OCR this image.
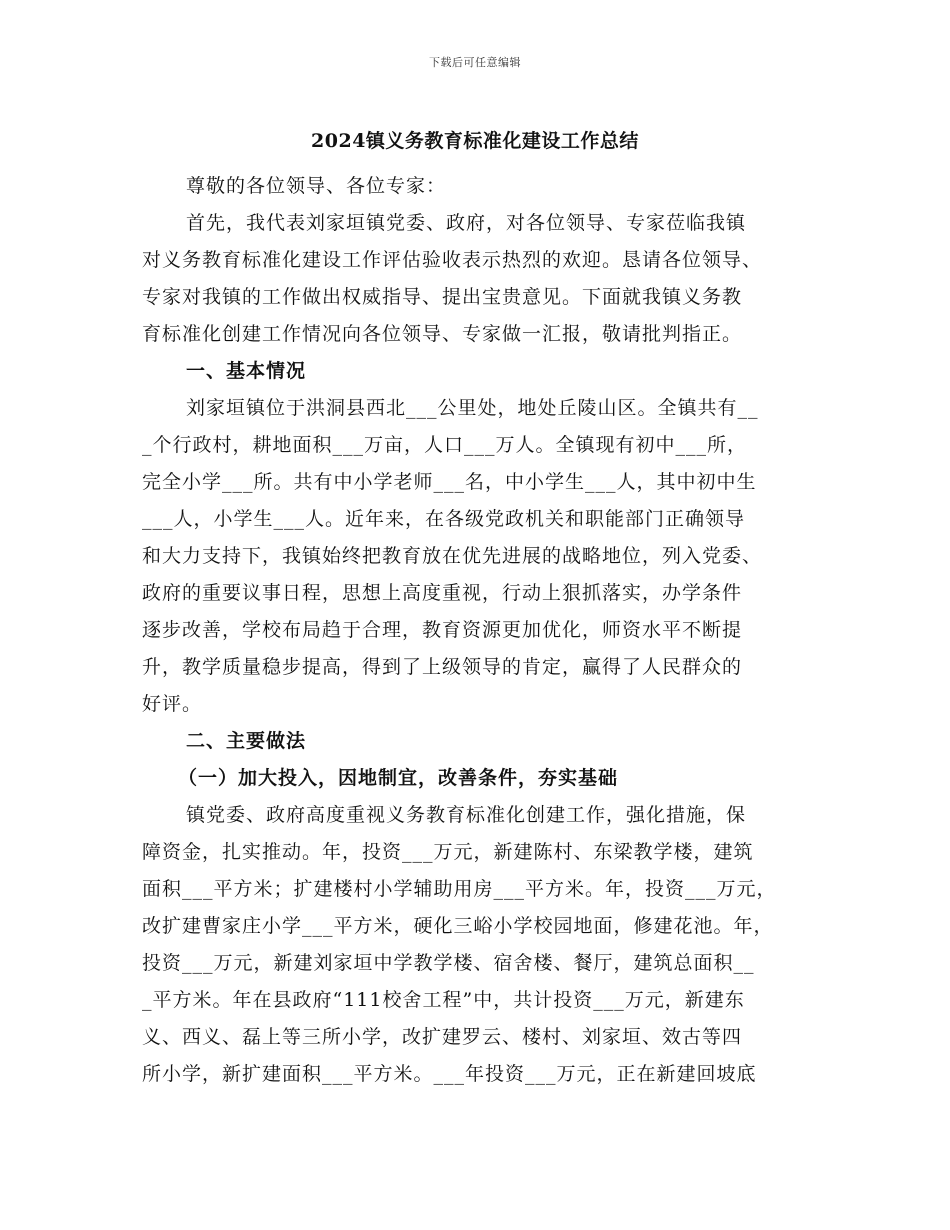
下载后可任意编辑
2024镇义务教育标准化建设工作总结
尊敬的各位领导、各位专家：
首先，我代表刘家垣镇党委、政府，对各位领导、专家莅临我镇
对义务教育标准化建设工作评估验收表示热烈的欢迎。恳请各位领导、
专家对我镇的工作做出权威指导、提出宝贵意见。下面就我镇义务教
育标准化创建工作情况向各位领导、专家做一汇报，敬请批判指正。
一、基本情况
刘家垣镇位于洪洞县西北___公里处，地处丘陵山区。全镇共有__
_个行政村，耕地面积___万亩，人口___万人。全镇现有初中___所，
完全小学___所。共有中小学老师___名，中小学生___人，其中初中生
___人，小学生___人。近年来，在各级党政机关和职能部门正确领导
和大力支持下，我镇始终把教育放在优先进展的战略地位，列入党委、
政府的重要议事日程，思想上高度重视，行动上狠抓落实，办学条件
逐步改善，学校布局趋于合理，教育资源更加优化，师资水平不断提
升，教学质量稳步提高，得到了上级领导的肯定，赢得了人民群众的
好评。
二、主要做法
（一）加大投入，因地制宜，改善条件，夯实基础
镇党委、政府高度重视义务教育标准化创建工作，强化措施，保
障资金，扎实推动。年，投资___万元，新建陈村、东梁教学楼，建筑
面积___平方米；扩建楼村小学辅助用房___平方米。年，投资___万元，
改扩建曹家庄小学___平方米，硬化三峪小学校园地面，修建花池。年，
投资___万元，新建刘家垣中学教学楼、宿舍楼、餐厅，建筑总面积__
_平方米。年在县政府“111校舍工程”中，共计投资___万元，新建东
义、西义、磊上等三所小学，改扩建罗云、楼村、刘家垣、效古等四
所小学，新扩建面积___平方米。___年投资___万元，正在新建回坡底
